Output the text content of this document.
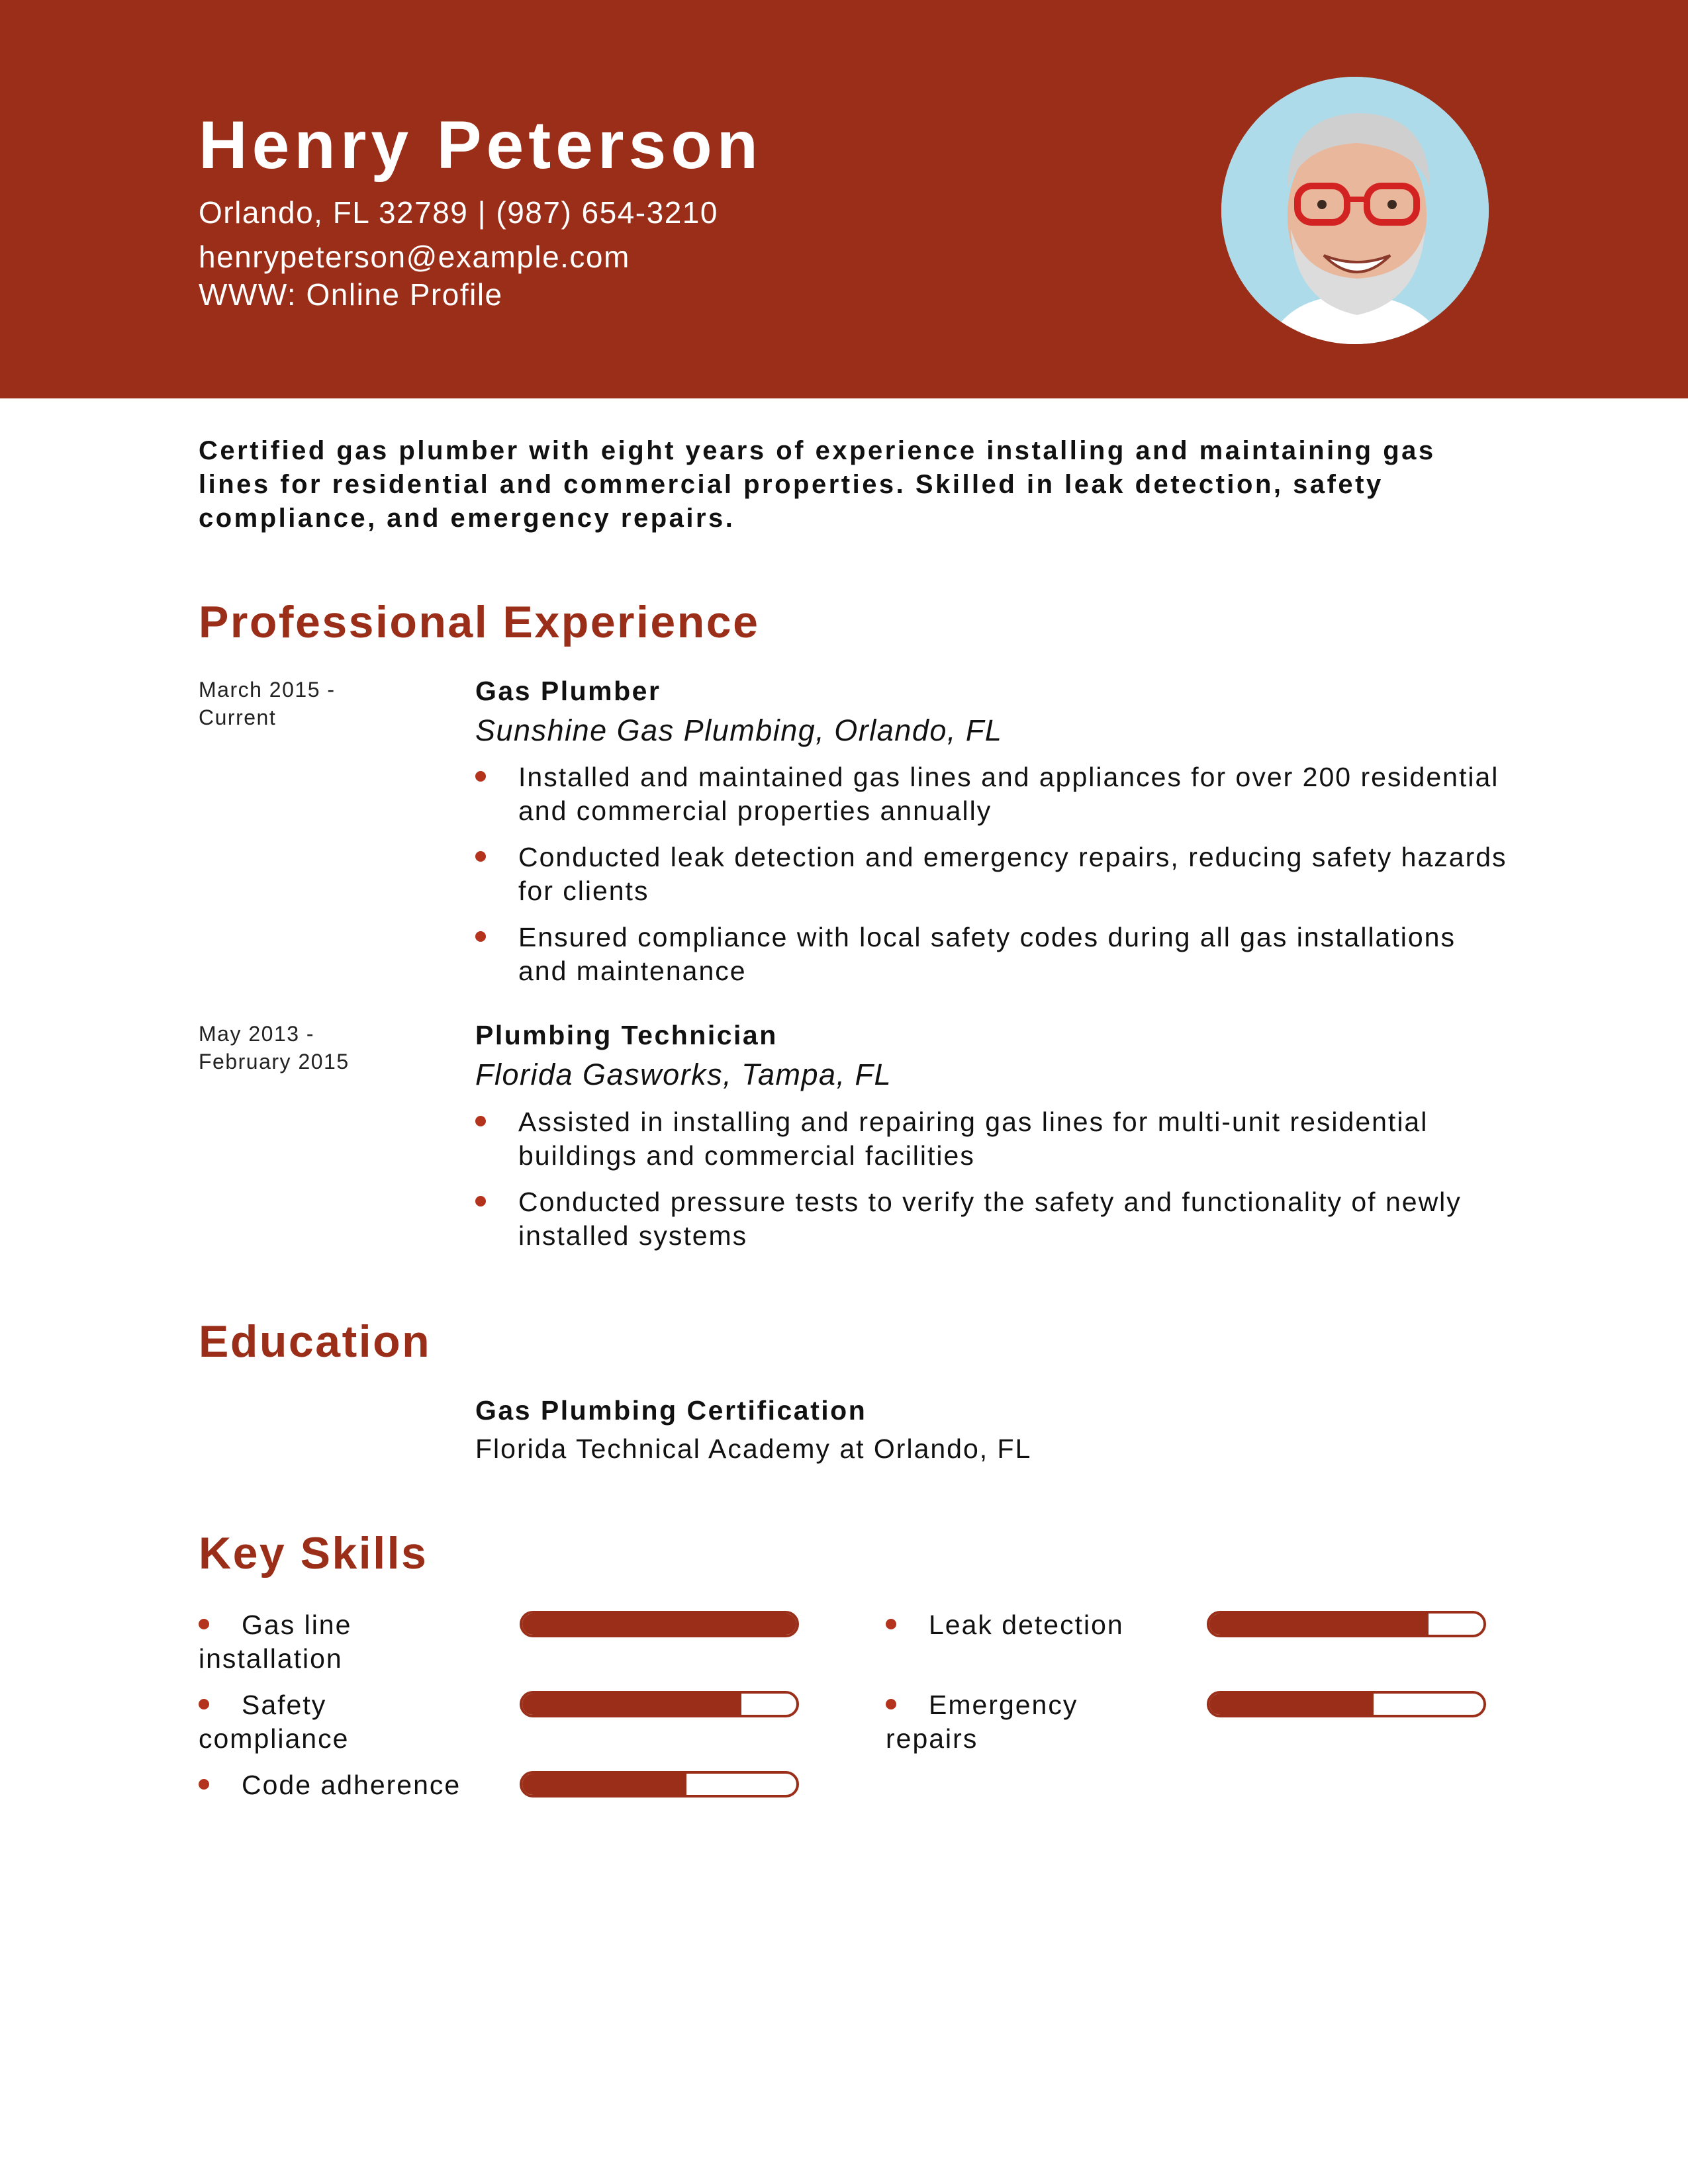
Henry Peterson

Orlando, FL 32789 | (987) 654-3210

henrypeterson@example.com

WWW: Online Profile

Certified gas plumber with eight years of experience installing and maintaining gas lines for residential and commercial properties. Skilled in leak detection, safety compliance, and emergency repairs.

Professional Experience

March 2015 - Current

Gas Plumber

Sunshine Gas Plumbing, Orlando, FL

Installed and maintained gas lines and appliances for over 200 residential and commercial properties annually
Conducted leak detection and emergency repairs, reducing safety hazards for clients
Ensured compliance with local safety codes during all gas installations and maintenance

May 2013 - February 2015

Plumbing Technician

Florida Gasworks, Tampa, FL

Assisted in installing and repairing gas lines for multi-unit residential buildings and commercial facilities
Conducted pressure tests to verify the safety and functionality of newly installed systems
Education

Gas Plumbing Certification

Florida Technical Academy at Orlando, FL

Key Skills

Gas line installation

Safety compliance

Code adherence

Leak detection

Emergency repairs
